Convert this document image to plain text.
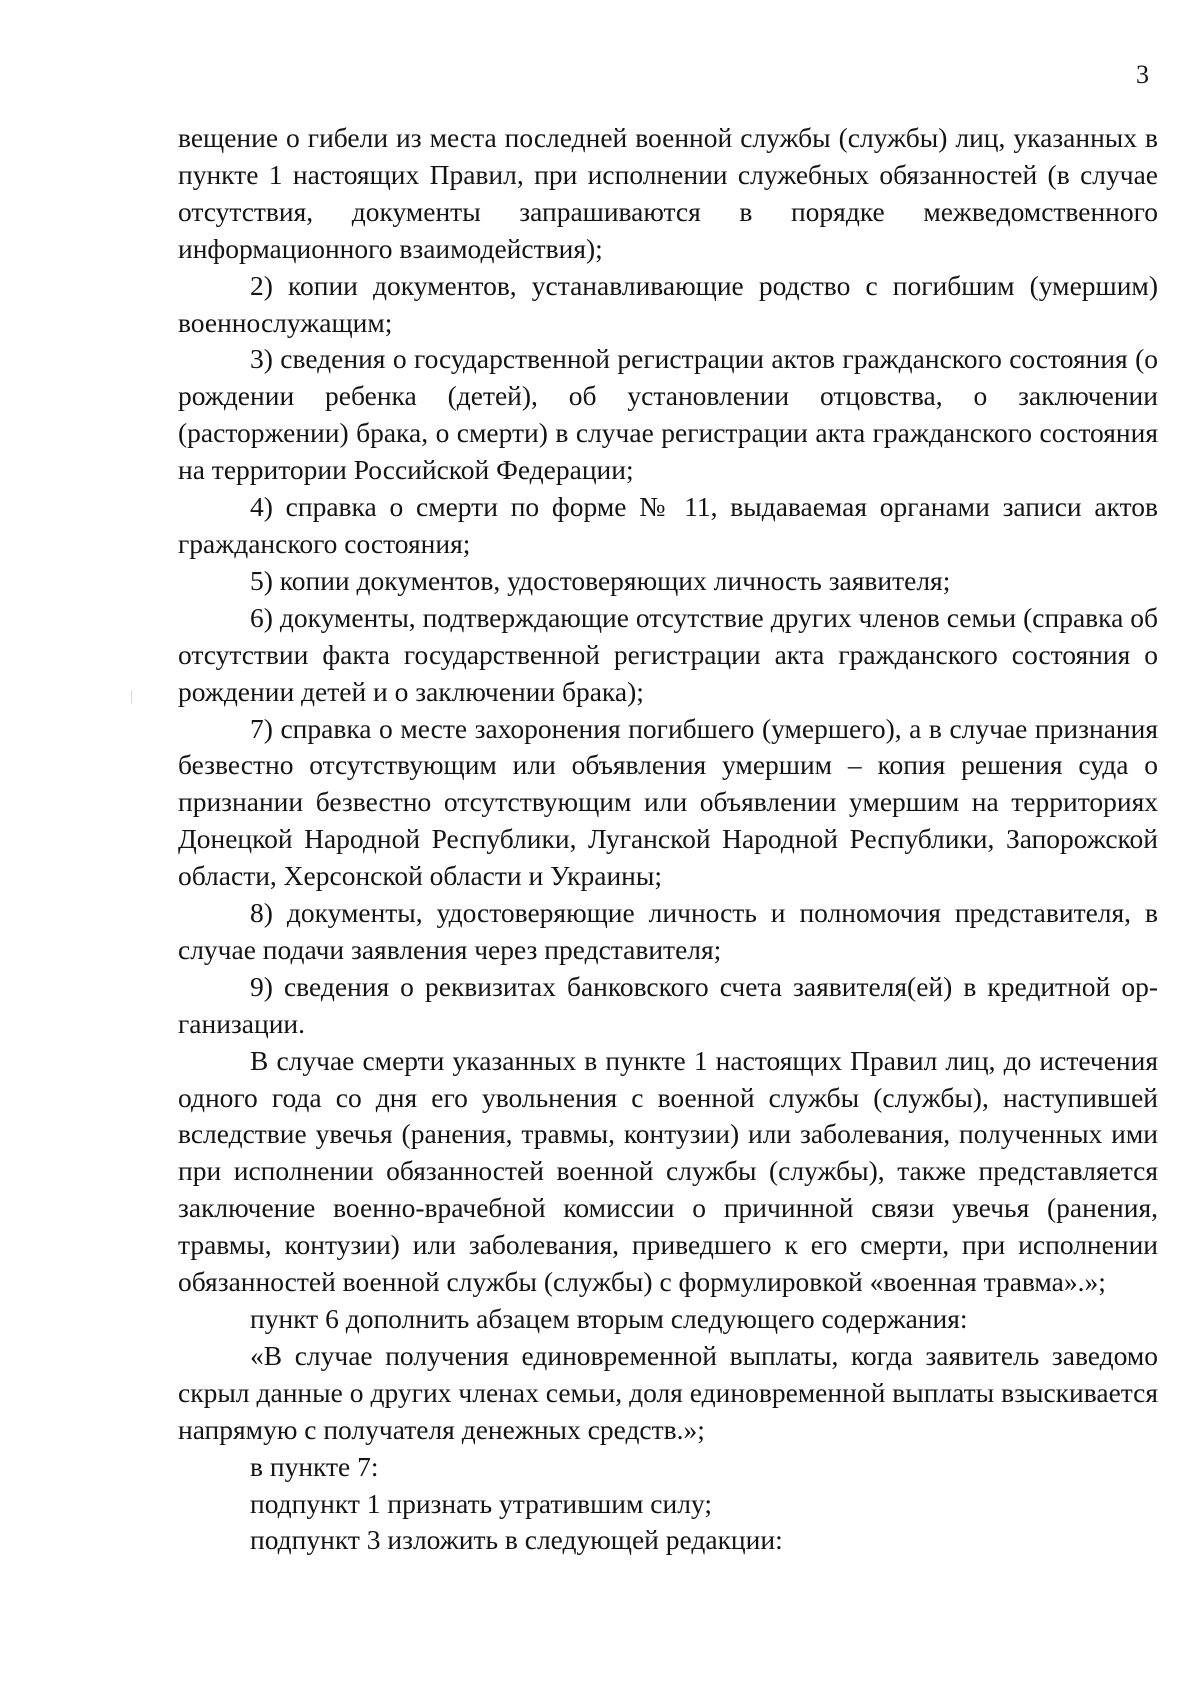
3

вещение о гибели из места последней военной службы (службы) лиц, указанных в пункте 1 настоящих Правил, при исполнении служебных обязанностей (в случае отсутствия, документы запрашиваются в порядке межведомственного информационного взаимодействия);

2) копии документов, устанавливающие родство с погибшим (умершим) военнослужащим;

3) сведения о государственной регистрации актов гражданского состояния (о рождении ребенка (детей), об установлении отцовства, о заключении (расторжении) брака, о смерти) в случае регистрации акта гражданского состояния на территории Российской Федерации;

4) справка о смерти по форме № 11, выдаваемая органами записи актов гражданского состояния;

5) копии документов, удостоверяющих личность заявителя;

6) документы, подтверждающие отсутствие других членов семьи (справка об отсутствии факта государственной регистрации акта гражданского состояния о рождении детей и о заключении брака);

7) справка о месте захоронения погибшего (умершего), а в случае признания безвестно отсутствующим или объявления умершим – копия решения суда о признании безвестно отсутствующим или объявлении умершим на территориях Донецкой Народной Республики, Луганской Народной Республики, Запорожской области, Херсонской области и Украины;

8) документы, удостоверяющие личность и полномочия представителя, в случае подачи заявления через представителя;

9) сведения о реквизитах банковского счета заявителя(ей) в кредитной организации.

В случае смерти указанных в пункте 1 настоящих Правил лиц, до истечения одного года со дня его увольнения с военной службы (службы), наступившей вследствие увечья (ранения, травмы, контузии) или заболевания, полученных ими при исполнении обязанностей военной службы (службы), также представляется заключение военно-врачебной комиссии о причинной связи увечья (ранения, травмы, контузии) или заболевания, приведшего к его смерти, при исполнении обязанностей военной службы (службы) с формулировкой «военная травма».»;

пункт 6 дополнить абзацем вторым следующего содержания:

«В случае получения единовременной выплаты, когда заявитель заведомо скрыл данные о других членах семьи, доля единовременной выплаты взыскивается напрямую с получателя денежных средств.»;

в пункте 7:

подпункт 1 признать утратившим силу;

подпункт 3 изложить в следующей редакции:
